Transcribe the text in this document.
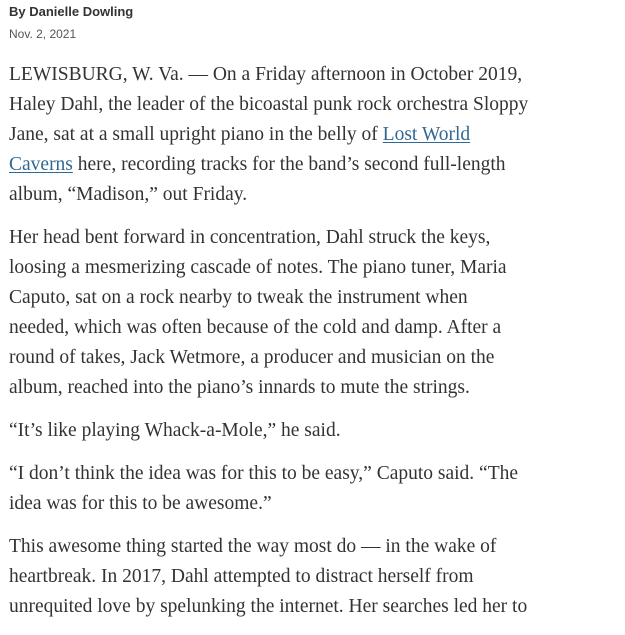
By Danielle Dowling
Nov. 2, 2021

LEWISBURG, W. Va. — On a Friday afternoon in October 2019,
Haley Dahl, the leader of the bicoastal punk rock orchestra Sloppy
Jane, sat at a small upright piano in the belly of Lost World
Caverns here, recording tracks for the band’s second full-length
album, “Madison,” out Friday.

Her head bent forward in concentration, Dahl struck the keys,
loosing a mesmerizing cascade of notes. The piano tuner, Maria
Caputo, sat on a rock nearby to tweak the instrument when
needed, which was often because of the cold and damp. After a
round of takes, Jack Wetmore, a producer and musician on the
album, reached into the piano’s innards to mute the strings.

“It’s like playing Whack-a-Mole,” he said.

“I don’t think the idea was for this to be easy,” Caputo said. “The
idea was for this to be awesome.”

This awesome thing started the way most do — in the wake of
heartbreak. In 2017, Dahl attempted to distract herself from
unrequited love by spelunking the internet. Her searches led her to
